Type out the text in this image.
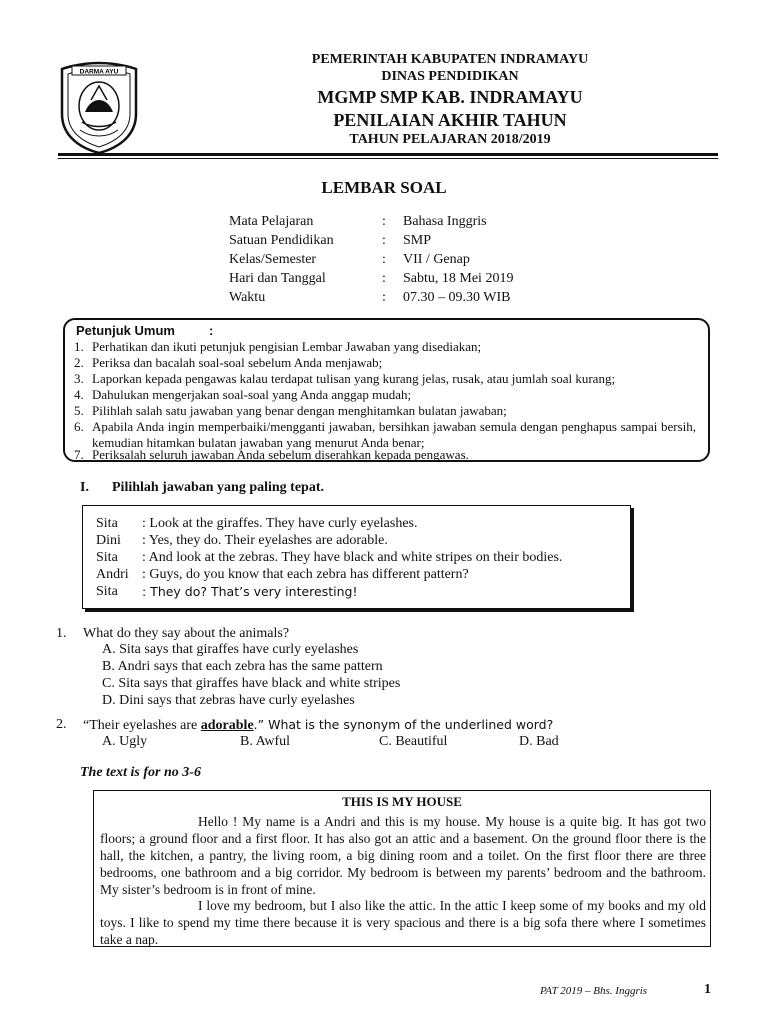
DARMA AYU
PEMERINTAH KABUPATEN INDRAMAYU
DINAS PENDIDIKAN
MGMP SMP KAB. INDRAMAYU
PENILAIAN AKHIR TAHUN
TAHUN PELAJARAN 2018/2019
LEMBAR SOAL
Mata Pelajaran	: Bahasa Inggris
Satuan Pendidikan	: SMP
Kelas/Semester	: VII / Genap
Hari dan Tanggal	: Sabtu, 18 Mei 2019
Waktu	: 07.30 – 09.30 WIB
Petunjuk Umum	:
1. Perhatikan dan ikuti petunjuk pengisian Lembar Jawaban yang disediakan;
2. Periksa dan bacalah soal-soal sebelum Anda menjawab;
3. Laporkan kepada pengawas kalau terdapat tulisan yang kurang jelas, rusak, atau jumlah soal kurang;
4. Dahulukan mengerjakan soal-soal yang Anda anggap mudah;
5. Pilihlah salah satu jawaban yang benar dengan menghitamkan bulatan jawaban;
6. Apabila Anda ingin memperbaiki/mengganti jawaban, bersihkan jawaban semula dengan penghapus sampai bersih, kemudian hitamkan bulatan jawaban yang menurut Anda benar;
7. Periksalah seluruh jawaban Anda sebelum diserahkan kepada pengawas.
I. Pilihlah jawaban yang paling tepat.
Sita	: Look at the giraffes. They have curly eyelashes.
Dini	: Yes, they do. Their eyelashes are adorable.
Sita	: And look at the zebras. They have black and white stripes on their bodies.
Andri : Guys, do you know that each zebra has different pattern?
Sita	: They do? That’s very interesting!
1. What do they say about the animals?
A. Sita says that giraffes have curly eyelashes
B. Andri says that each zebra has the same pattern
C. Sita says that giraffes have black and white stripes
D. Dini says that zebras have curly eyelashes
2. “Their eyelashes are adorable.” What is the synonym of the underlined word?
A. Ugly	B. Awful	C. Beautiful	D. Bad
The text is for no 3-6
THIS IS MY HOUSE
Hello ! My name is a Andri and this is my house. My house is a quite big. It has got two floors; a ground floor and a first floor. It has also got an attic and a basement. On the ground floor there is the hall, the kitchen, a pantry, the living room, a big dining room and a toilet. On the first floor there are three bedrooms, one bathroom and a big corridor. My bedroom is between my parents’ bedroom and the bathroom. My sister’s bedroom is in front of mine.
I love my bedroom, but I also like the attic. In the attic I keep some of my books and my old toys. I like to spend my time there because it is very spacious and there is a big sofa there where I sometimes take a nap.
PAT 2019 – Bhs. Inggris	1
